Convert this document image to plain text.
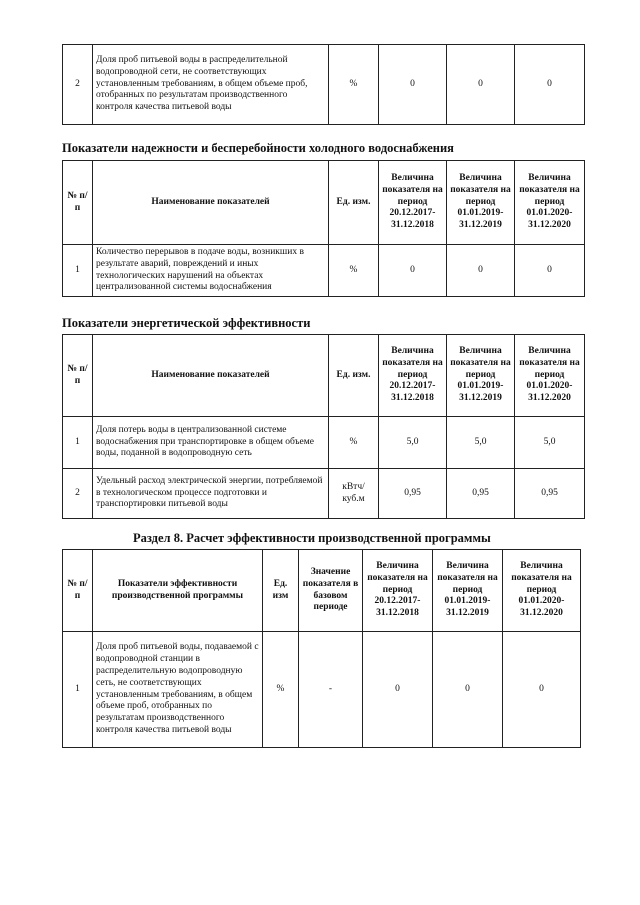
2	Доля проб питьевой воды в распределительной водопроводной сети, не соответствующих установленным требованиям, в общем объеме проб, отобранных по результатам производственного контроля качества питьевой воды	%	0	0	0
Показатели надежности и бесперебойности холодного водоснабжения
№ п/п	Наименование показателей	Ед. изм.	Величина показателя на период 20.12.2017-31.12.2018	Величина показателя на период 01.01.2019-31.12.2019	Величина показателя на период 01.01.2020-31.12.2020
1	Количество перерывов в подаче воды, возникших в результате аварий, повреждений и иных технологических нарушений на объектах централизованной системы водоснабжения	%	0	0	0
Показатели энергетической эффективности
№ п/п	Наименование показателей	Ед. изм.	Величина показателя на период 20.12.2017-31.12.2018	Величина показателя на период 01.01.2019-31.12.2019	Величина показателя на период 01.01.2020-31.12.2020
1	Доля потерь воды в централизованной системе водоснабжения при транспортировке в общем объеме воды, поданной в водопроводную сеть	%	5,0	5,0	5,0
2	Удельный расход электрической энергии, потребляемой в технологическом процессе подготовки и транспортировки питьевой воды	кВтч/ куб.м	0,95	0,95	0,95
Раздел 8. Расчет эффективности производственной программы
№ п/п	Показатели эффективности производственной программы	Ед. изм	Значение показателя в базовом периоде	Величина показателя на период 20.12.2017-31.12.2018	Величина показателя на период 01.01.2019-31.12.2019	Величина показателя на период 01.01.2020-31.12.2020
1	Доля проб питьевой воды, подаваемой с водопроводной станции в распределительную водопроводную сеть, не соответствующих установленным требованиям, в общем объеме проб, отобранных по результатам производственного контроля качества питьевой воды	%	-	0	0	0
